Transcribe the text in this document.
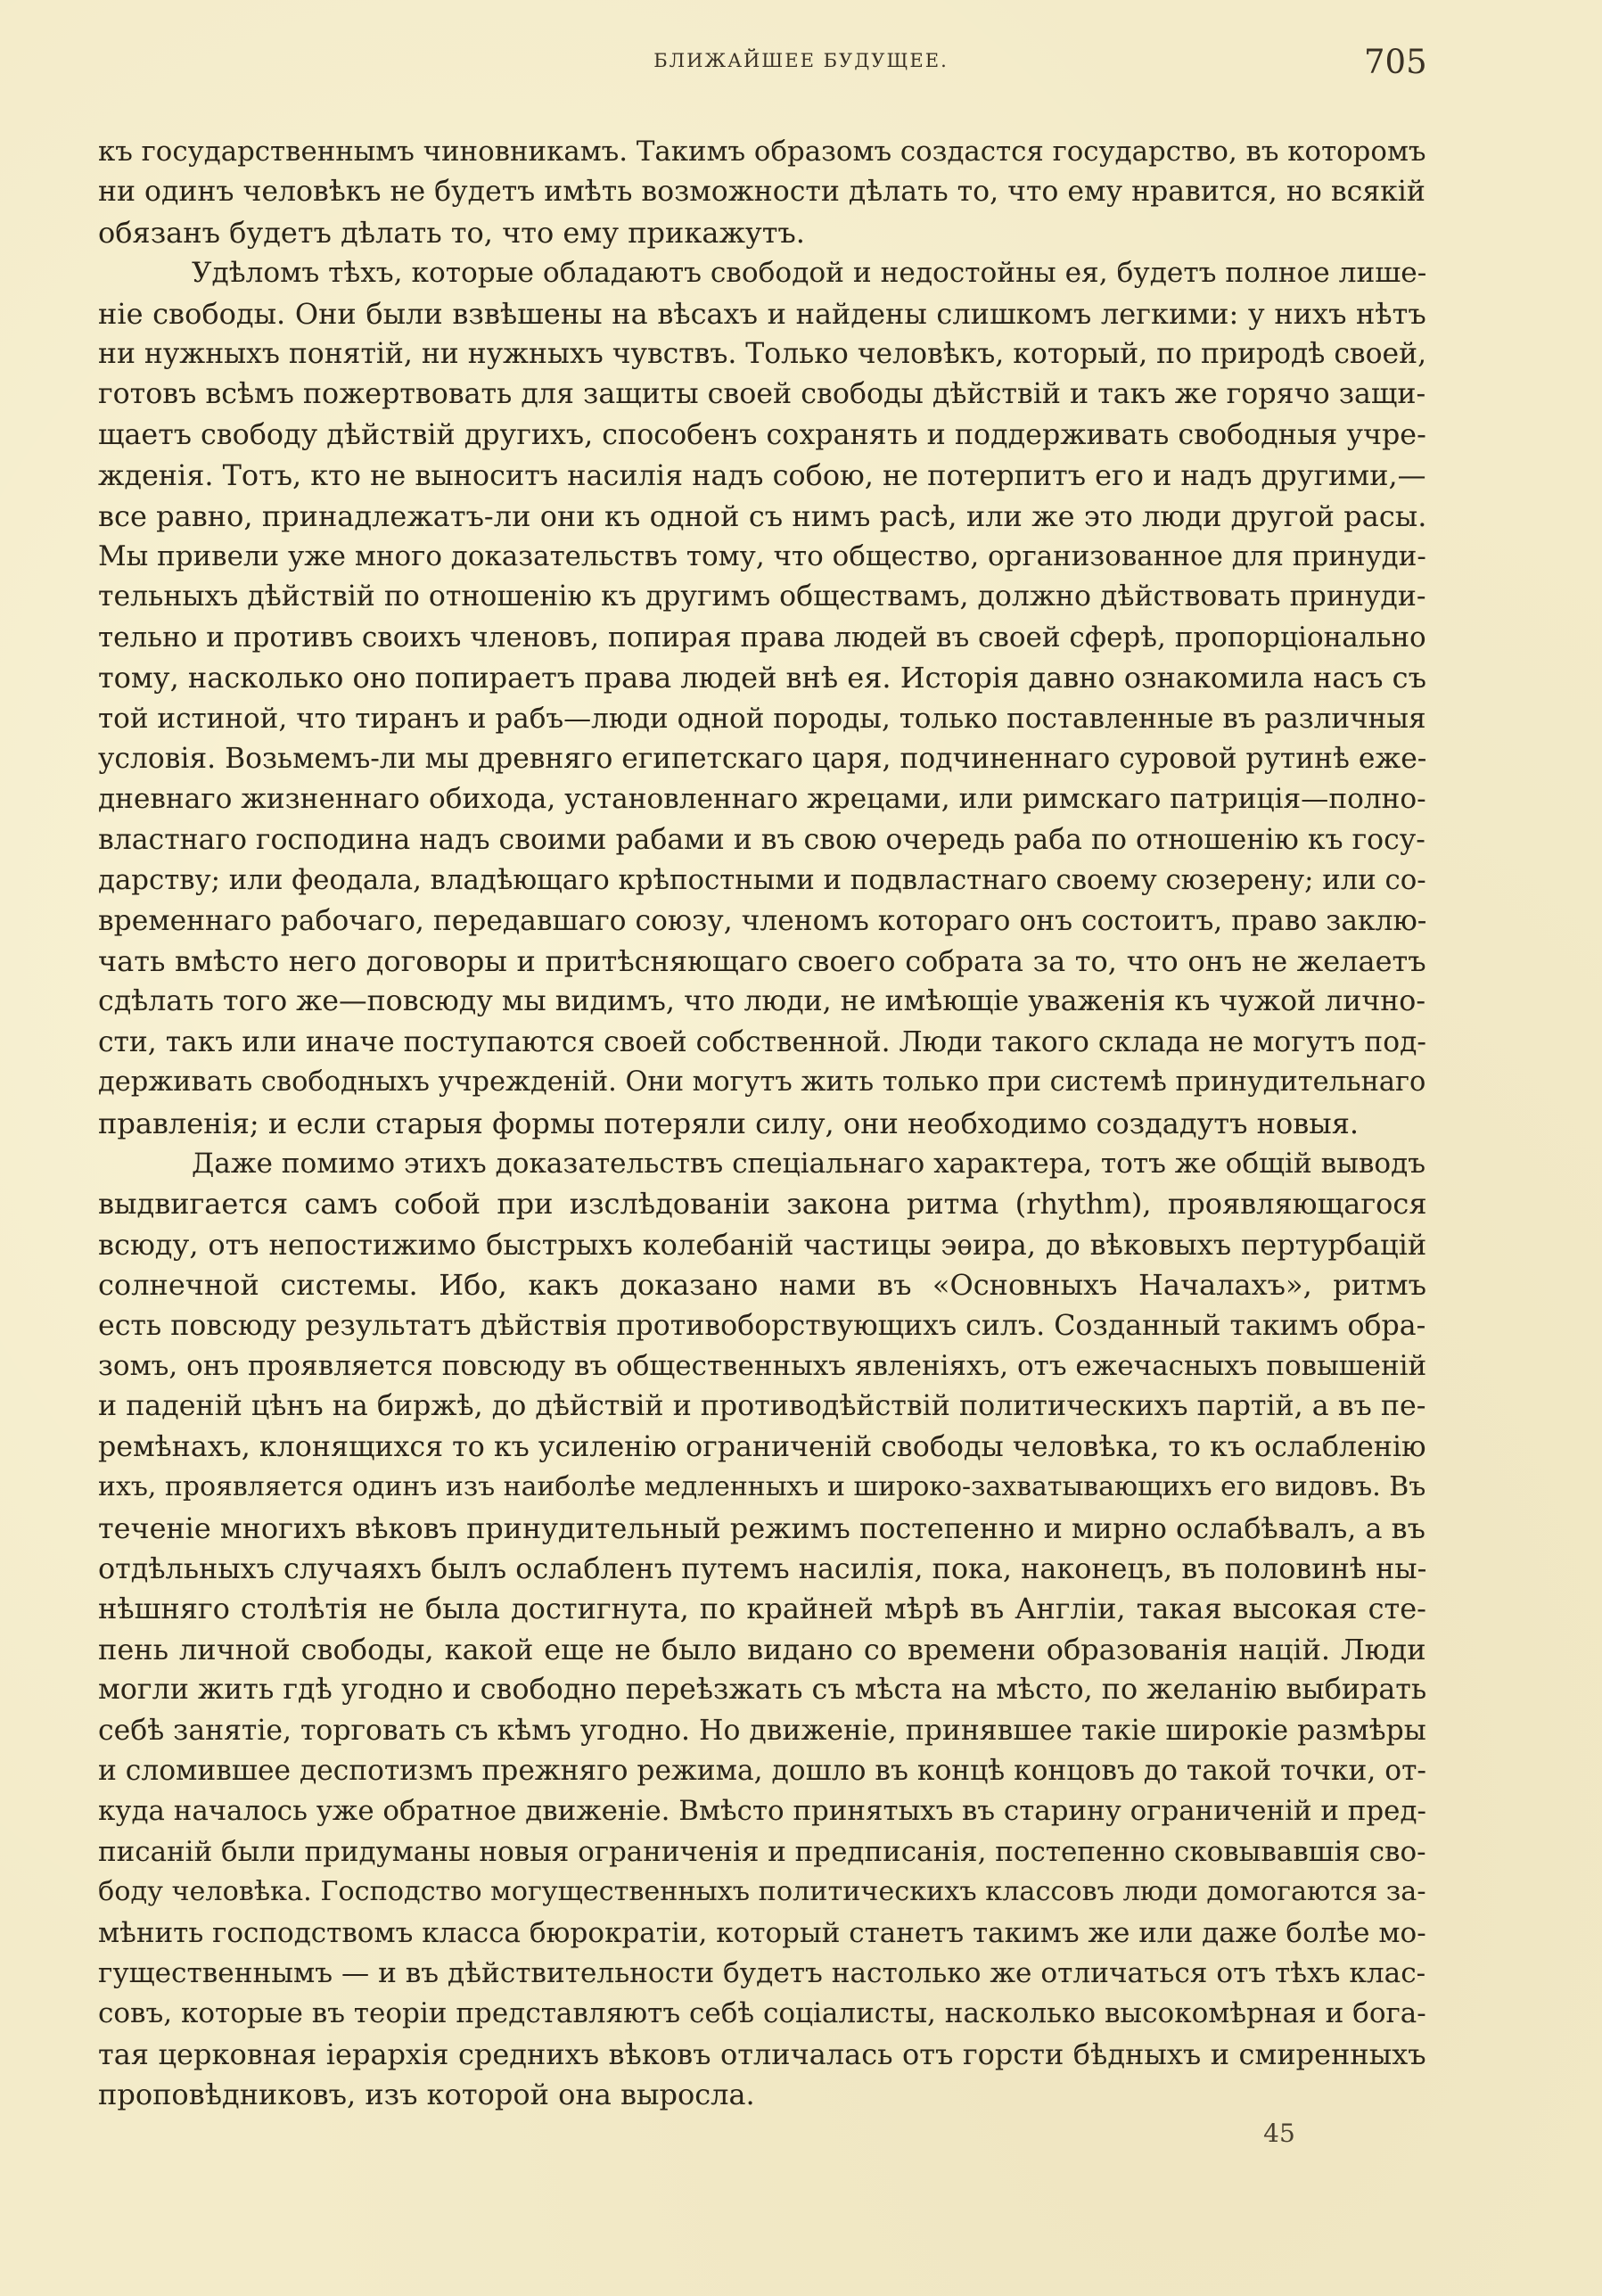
БЛИЖАЙШЕЕ БУДУЩЕЕ.	705
къ государственнымъ чиновникамъ. Такимъ образомъ создастся государство, въ которомъ
ни одинъ человѣкъ не будетъ имѣть возможности дѣлать то, что ему нравится, но всякій
обязанъ будетъ дѣлать то, что ему прикажутъ.
Удѣломъ тѣхъ, которые обладаютъ свободой и недостойны ея, будетъ полное лише-
ніе свободы. Они были взвѣшены на вѣсахъ и найдены слишкомъ легкими: у нихъ нѣтъ
ни нужныхъ понятій, ни нужныхъ чувствъ. Только человѣкъ, который, по природѣ своей,
готовъ всѣмъ пожертвовать для защиты своей свободы дѣйствій и такъ же горячо защи-
щаетъ свободу дѣйствій другихъ, способенъ сохранять и поддерживать свободныя учре-
жденія. Тотъ, кто не выноситъ насилія надъ собою, не потерпитъ его и надъ другими,—
все равно, принадлежатъ-ли они къ одной съ нимъ расѣ, или же это люди другой расы.
Мы привели уже много доказательствъ тому, что общество, организованное для принуди-
тельныхъ дѣйствій по отношенію къ другимъ обществамъ, должно дѣйствовать принуди-
тельно и противъ своихъ членовъ, попирая права людей въ своей сферѣ, пропорціонально
тому, насколько оно попираетъ права людей внѣ ея. Исторія давно ознакомила насъ съ
той истиной, что тиранъ и рабъ—люди одной породы, только поставленные въ различныя
условія. Возьмемъ-ли мы древняго египетскаго царя, подчиненнаго суровой рутинѣ еже-
дневнаго жизненнаго обихода, установленнаго жрецами, или римскаго патриція—полно-
властнаго господина надъ своими рабами и въ свою очередь раба по отношенію къ госу-
дарству; или феодала, владѣющаго крѣпостными и подвластнаго своему сюзерену; или со-
временнаго рабочаго, передавшаго союзу, членомъ котораго онъ состоитъ, право заклю-
чать вмѣсто него договоры и притѣсняющаго своего собрата за то, что онъ не желаетъ
сдѣлать того же—повсюду мы видимъ, что люди, не имѣющіе уваженія къ чужой лично-
сти, такъ или иначе поступаются своей собственной. Люди такого склада не могутъ под-
держивать свободныхъ учрежденій. Они могутъ жить только при системѣ принудительнаго
правленія; и если старыя формы потеряли силу, они необходимо создадутъ новыя.
Даже помимо этихъ доказательствъ спеціальнаго характера, тотъ же общій выводъ
выдвигается самъ собой при изслѣдованіи закона ритма (rhythm), проявляющагося
всюду, отъ непостижимо быстрыхъ колебаній частицы эѳира, до вѣковыхъ пертурбацій
солнечной системы. Ибо, какъ доказано нами въ «Основныхъ Началахъ», ритмъ
есть повсюду результатъ дѣйствія противоборствующихъ силъ. Созданный такимъ обра-
зомъ, онъ проявляется повсюду въ общественныхъ явленіяхъ, отъ ежечасныхъ повышеній
и паденій цѣнъ на биржѣ, до дѣйствій и противодѣйствій политическихъ партій, а въ пе-
ремѣнахъ, клонящихся то къ усиленію ограниченій свободы человѣка, то къ ослабленію
ихъ, проявляется одинъ изъ наиболѣе медленныхъ и широко-захватывающихъ его видовъ. Въ
теченіе многихъ вѣковъ принудительный режимъ постепенно и мирно ослабѣвалъ, а въ
отдѣльныхъ случаяхъ былъ ослабленъ путемъ насилія, пока, наконецъ, въ половинѣ ны-
нѣшняго столѣтія не была достигнута, по крайней мѣрѣ въ Англіи, такая высокая сте-
пень личной свободы, какой еще не было видано со времени образованія націй. Люди
могли жить гдѣ угодно и свободно переѣзжать съ мѣста на мѣсто, по желанію выбирать
себѣ занятіе, торговать съ кѣмъ угодно. Но движеніе, принявшее такіе широкіе размѣры
и сломившее деспотизмъ прежняго режима, дошло въ концѣ концовъ до такой точки, от-
куда началось уже обратное движеніе. Вмѣсто принятыхъ въ старину ограниченій и пред-
писаній были придуманы новыя ограниченія и предписанія, постепенно сковывавшія сво-
боду человѣка. Господство могущественныхъ политическихъ классовъ люди домогаются за-
мѣнить господствомъ класса бюрократіи, который станетъ такимъ же или даже болѣе мо-
гущественнымъ — и въ дѣйствительности будетъ настолько же отличаться отъ тѣхъ клас-
совъ, которые въ теоріи представляютъ себѣ соціалисты, насколько высокомѣрная и бога-
тая церковная іерархія среднихъ вѣковъ отличалась отъ горсти бѣдныхъ и смиренныхъ
проповѣдниковъ, изъ которой она выросла.
45
